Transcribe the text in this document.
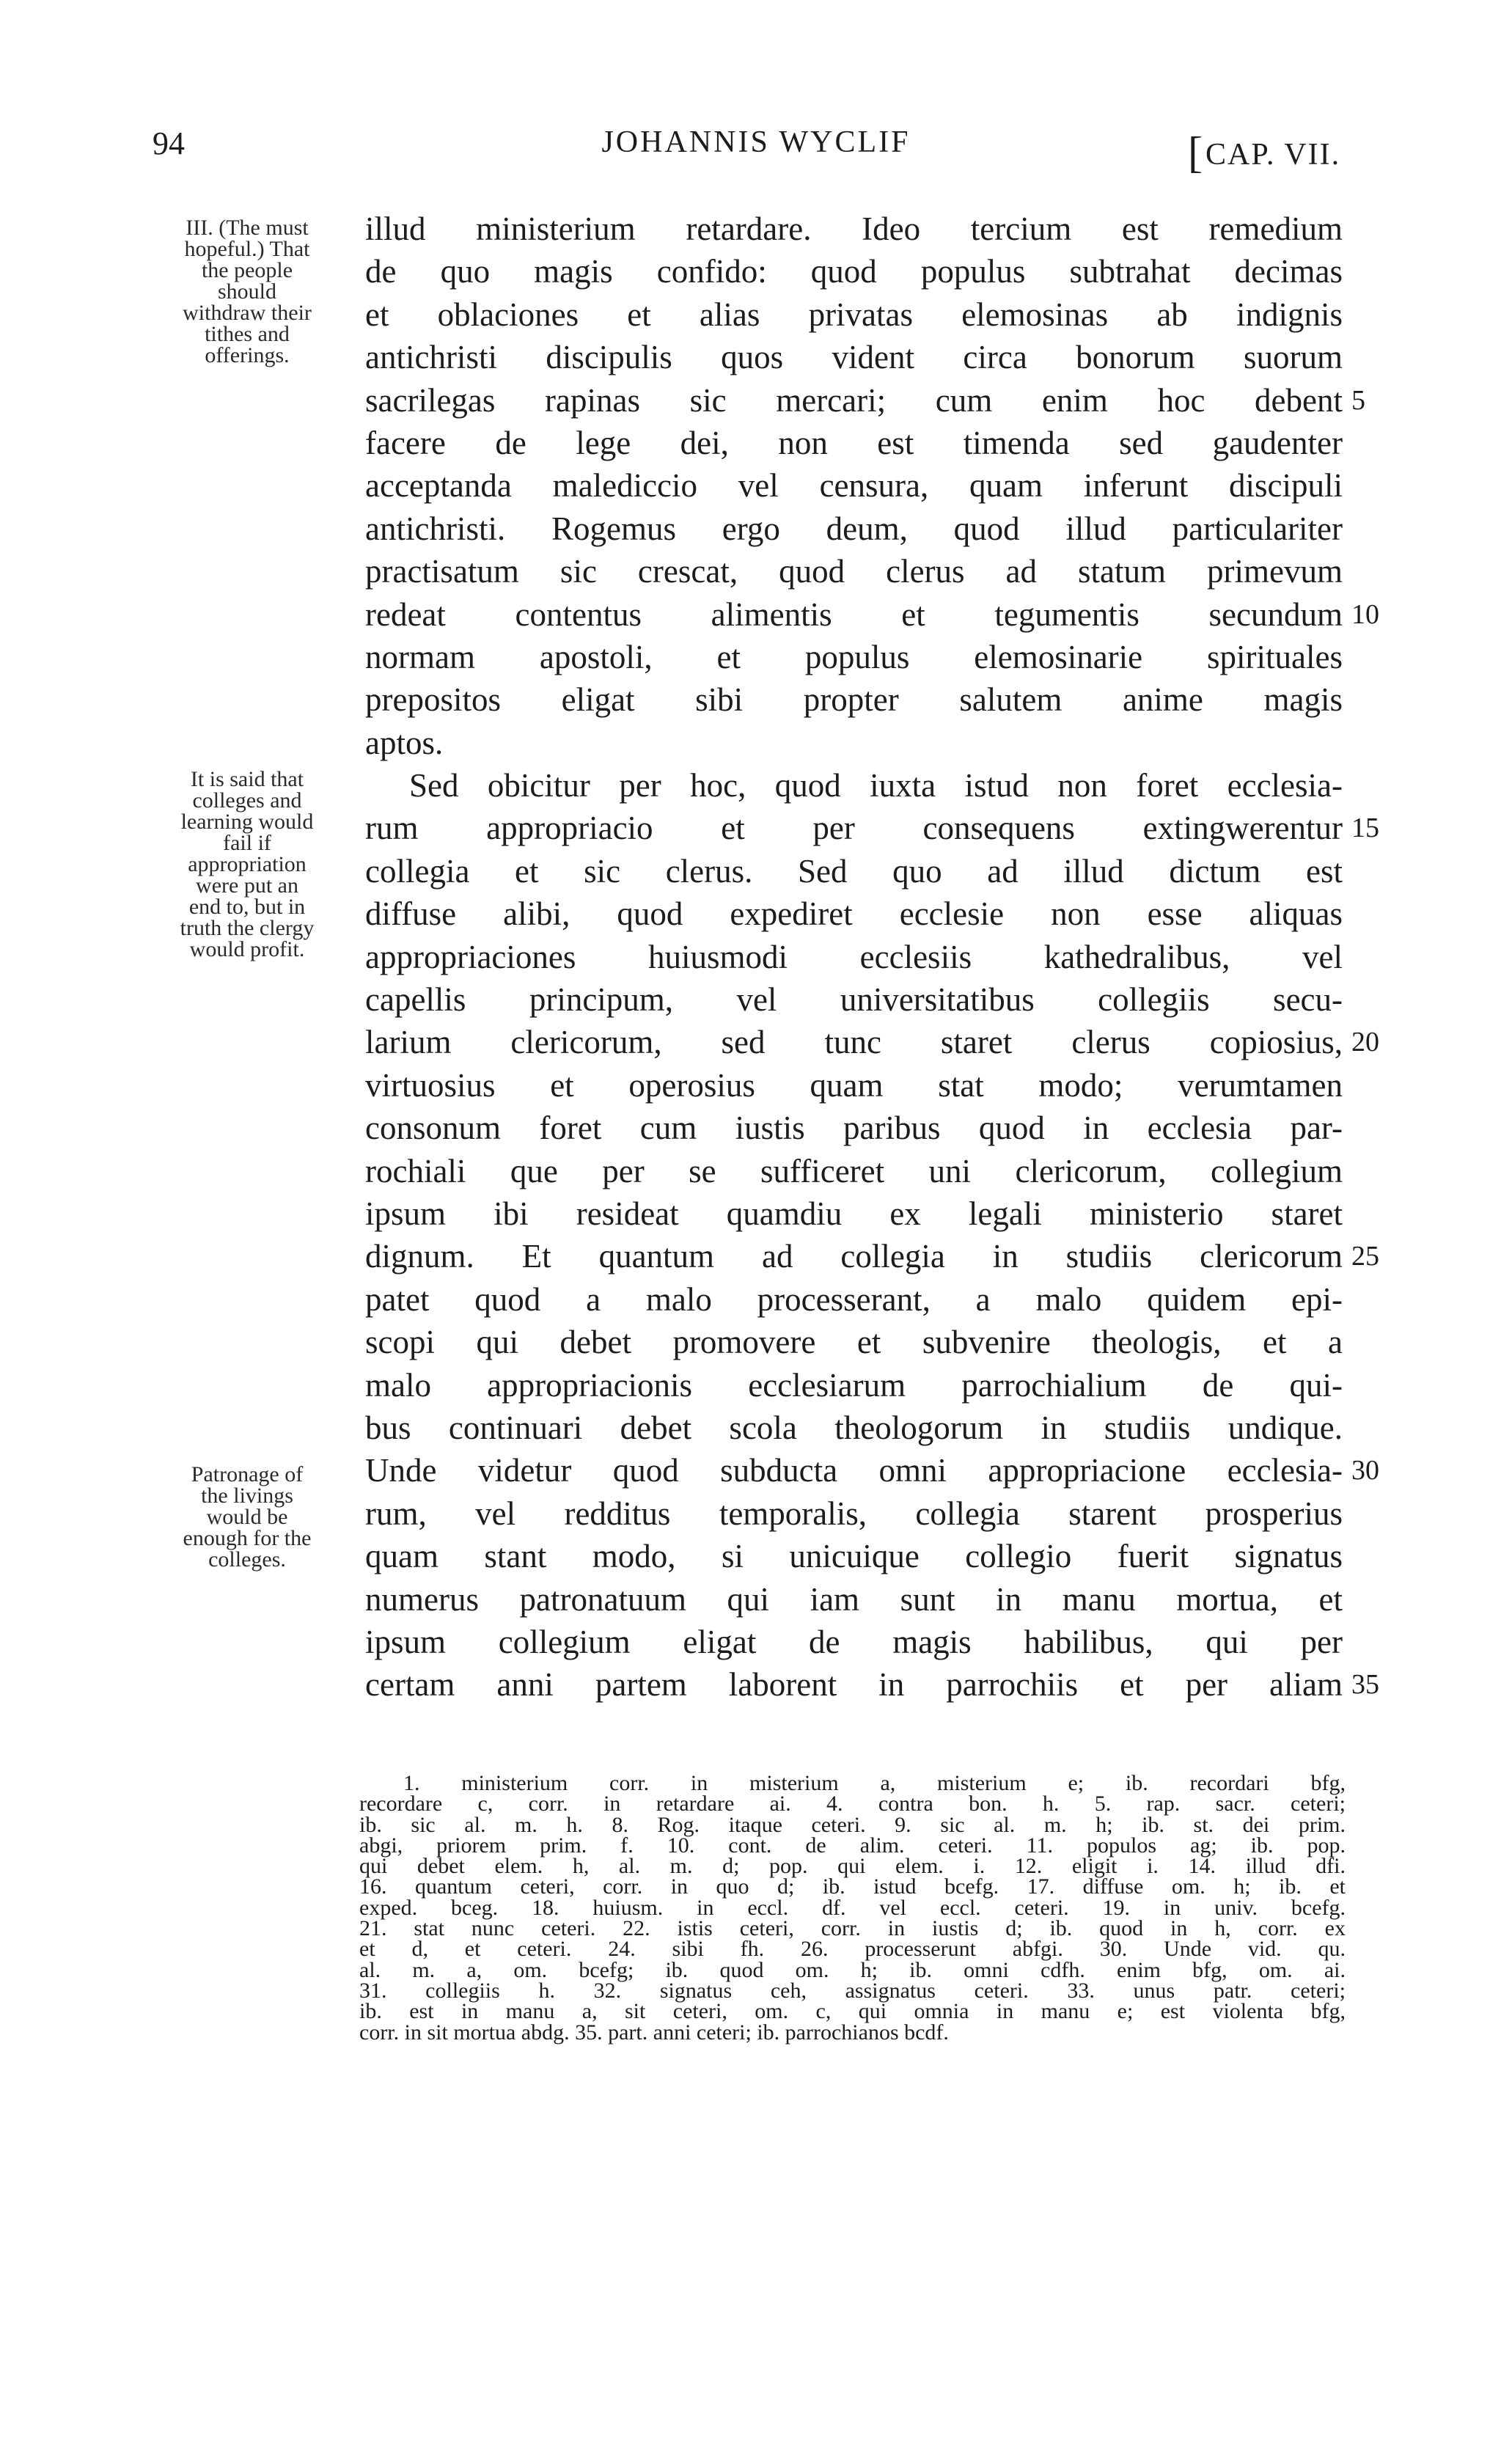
94	JOHANNIS WYCLIF	[CAP. VII.
III. (The must
hopeful.) That
the people
should
withdraw their
tithes and
offerings.
It is said that
colleges and
learning would
fail if
appropriation
were put an
end to, but in
truth the clergy
would profit.
Patronage of
the livings
would be
enough for the
colleges.
illud ministerium retardare. Ideo tercium est remedium
de quo magis confido: quod populus subtrahat decimas
et oblaciones et alias privatas elemosinas ab indignis
antichristi discipulis quos vident circa bonorum suorum
sacrilegas rapinas sic mercari; cum enim hoc debent 5
facere de lege dei, non est timenda sed gaudenter
acceptanda malediccio vel censura, quam inferunt discipuli
antichristi. Rogemus ergo deum, quod illud particulariter
practisatum sic crescat, quod clerus ad statum primevum
redeat contentus alimentis et tegumentis secundum 10
normam apostoli, et populus elemosinarie spirituales
prepositos eligat sibi propter salutem anime magis
aptos.
Sed obicitur per hoc, quod iuxta istud non foret ecclesia-
rum appropriacio et per consequens extingwerentur 15
collegia et sic clerus. Sed quo ad illud dictum est
diffuse alibi, quod expediret ecclesie non esse aliquas
appropriaciones huiusmodi ecclesiis kathedralibus, vel
capellis principum, vel universitatibus collegiis secu-
larium clericorum, sed tunc staret clerus copiosius, 20
virtuosius et operosius quam stat modo; verumtamen
consonum foret cum iustis paribus quod in ecclesia par-
rochiali que per se sufficeret uni clericorum, collegium
ipsum ibi resideat quamdiu ex legali ministerio staret
dignum. Et quantum ad collegia in studiis clericorum 25
patet quod a malo processerant, a malo quidem epi-
scopi qui debet promovere et subvenire theologis, et a
malo appropriacionis ecclesiarum parrochialium de qui-
bus continuari debet scola theologorum in studiis undique.
Unde videtur quod subducta omni appropriacione ecclesia- 30
rum, vel redditus temporalis, collegia starent prosperius
quam stant modo, si unicuique collegio fuerit signatus
numerus patronatuum qui iam sunt in manu mortua, et
ipsum collegium eligat de magis habilibus, qui per
certam anni partem laborent in parrochiis et per aliam 35
1. ministerium corr. in misterium a, misterium e; ib. recordari bfg,
recordare c, corr. in retardare ai. 4. contra bon. h. 5. rap. sacr. ceteri;
ib. sic al. m. h. 8. Rog. itaque ceteri. 9. sic al. m. h; ib. st. dei prim.
abgi, priorem prim. f. 10. cont. de alim. ceteri. 11. populos ag; ib. pop.
qui debet elem. h, al. m. d; pop. qui elem. i. 12. eligit i. 14. illud dfi.
16. quantum ceteri, corr. in quo d; ib. istud bcefg. 17. diffuse om. h; ib. et
exped. bceg. 18. huiusm. in eccl. df. vel eccl. ceteri. 19. in univ. bcefg.
21. stat nunc ceteri. 22. istis ceteri, corr. in iustis d; ib. quod in h, corr. ex
et d, et ceteri. 24. sibi fh. 26. processerunt abfgi. 30. Unde vid. qu.
al. m. a, om. bcefg; ib. quod om. h; ib. omni cdfh. enim bfg, om. ai.
31. collegiis h. 32. signatus ceh, assignatus ceteri. 33. unus patr. ceteri;
ib. est in manu a, sit ceteri, om. c, qui omnia in manu e; est violenta bfg,
corr. in sit mortua abdg. 35. part. anni ceteri; ib. parrochianos bcdf.
